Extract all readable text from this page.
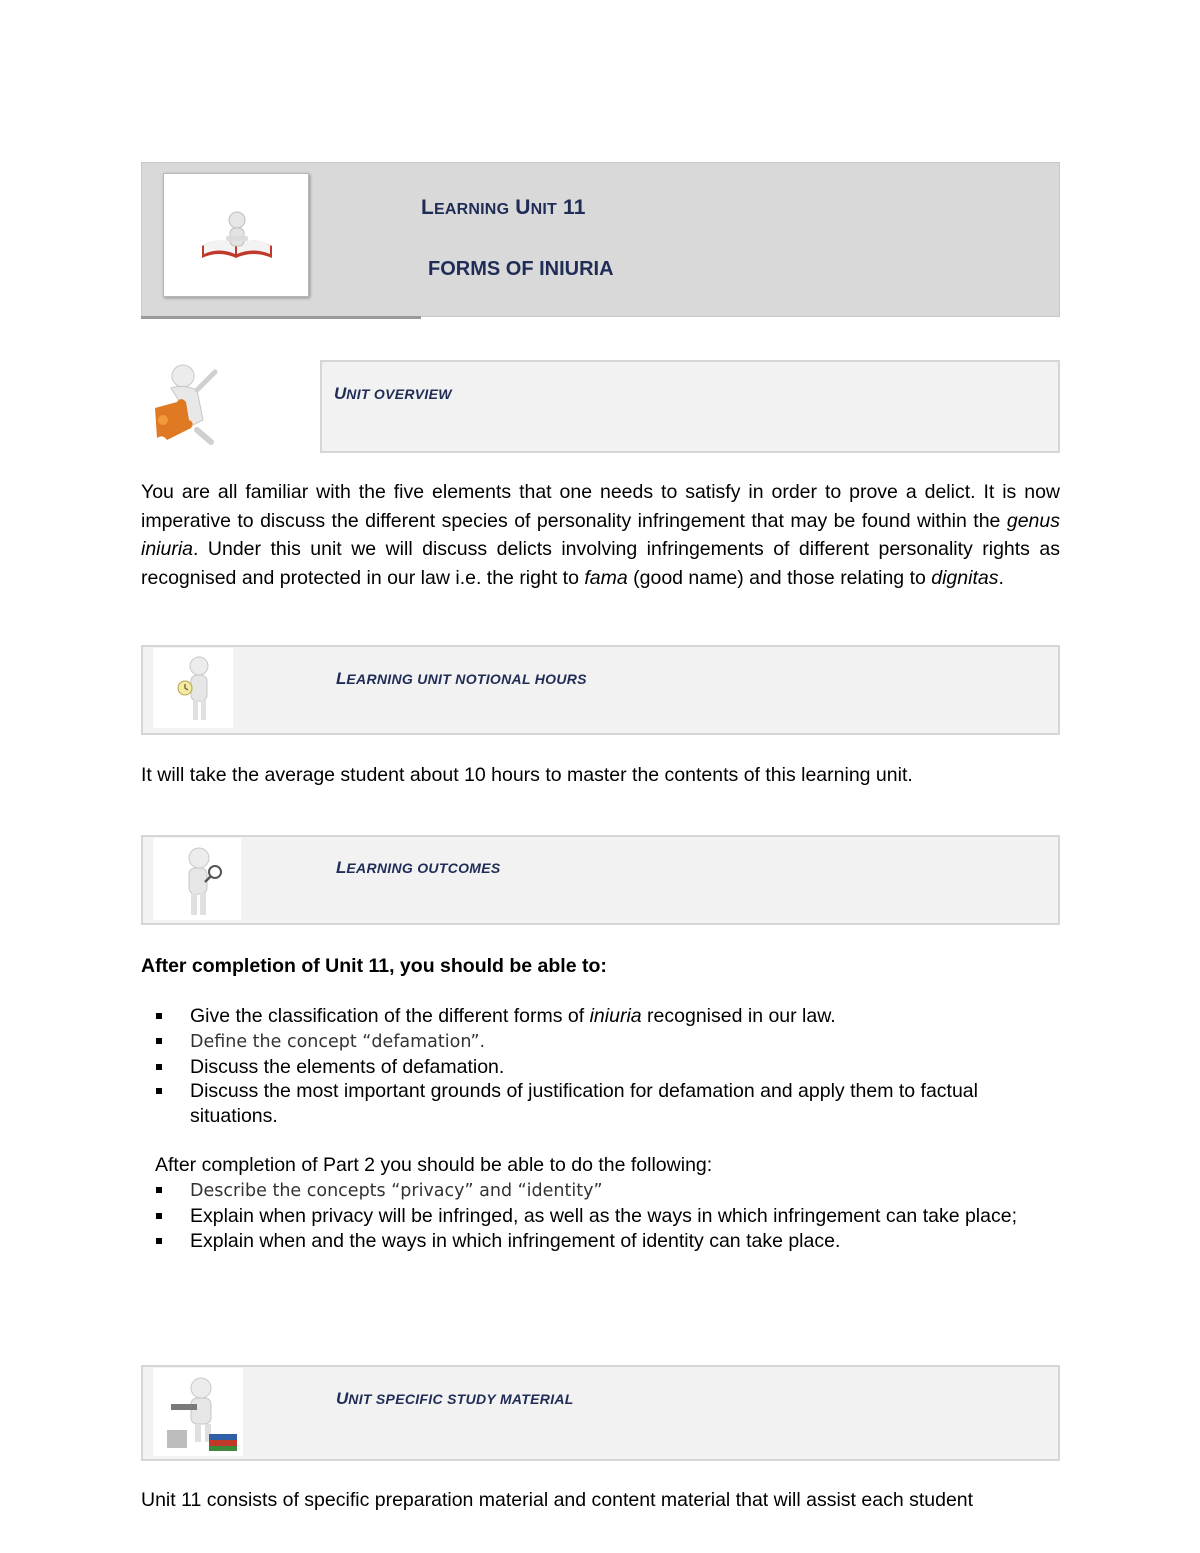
LEARNING UNIT 11
FORMS OF INIURIA
UNIT OVERVIEW
You are all familiar with the five elements that one needs to satisfy in order to prove a delict. It is now imperative to discuss the different species of personality infringement that may be found within the genus iniuria. Under this unit we will discuss delicts involving infringements of different personality rights as recognised and protected in our law i.e. the right to fama (good name) and those relating to dignitas.
LEARNING UNIT NOTIONAL HOURS
It will take the average student about 10 hours to master the contents of this learning unit.
LEARNING OUTCOMES
After completion of Unit 11, you should be able to:
Give the classification of the different forms of iniuria recognised in our law.
Define the concept “defamation”.
Discuss the elements of defamation.
Discuss the most important grounds of justification for defamation and apply them to factual situations.
After completion of Part 2 you should be able to do the following:
Describe the concepts “privacy” and “identity”
Explain when privacy will be infringed, as well as the ways in which infringement can take place;
Explain when and the ways in which infringement of identity can take place.
UNIT SPECIFIC STUDY MATERIAL
Unit 11 consists of specific preparation material and content material that will assist each student
